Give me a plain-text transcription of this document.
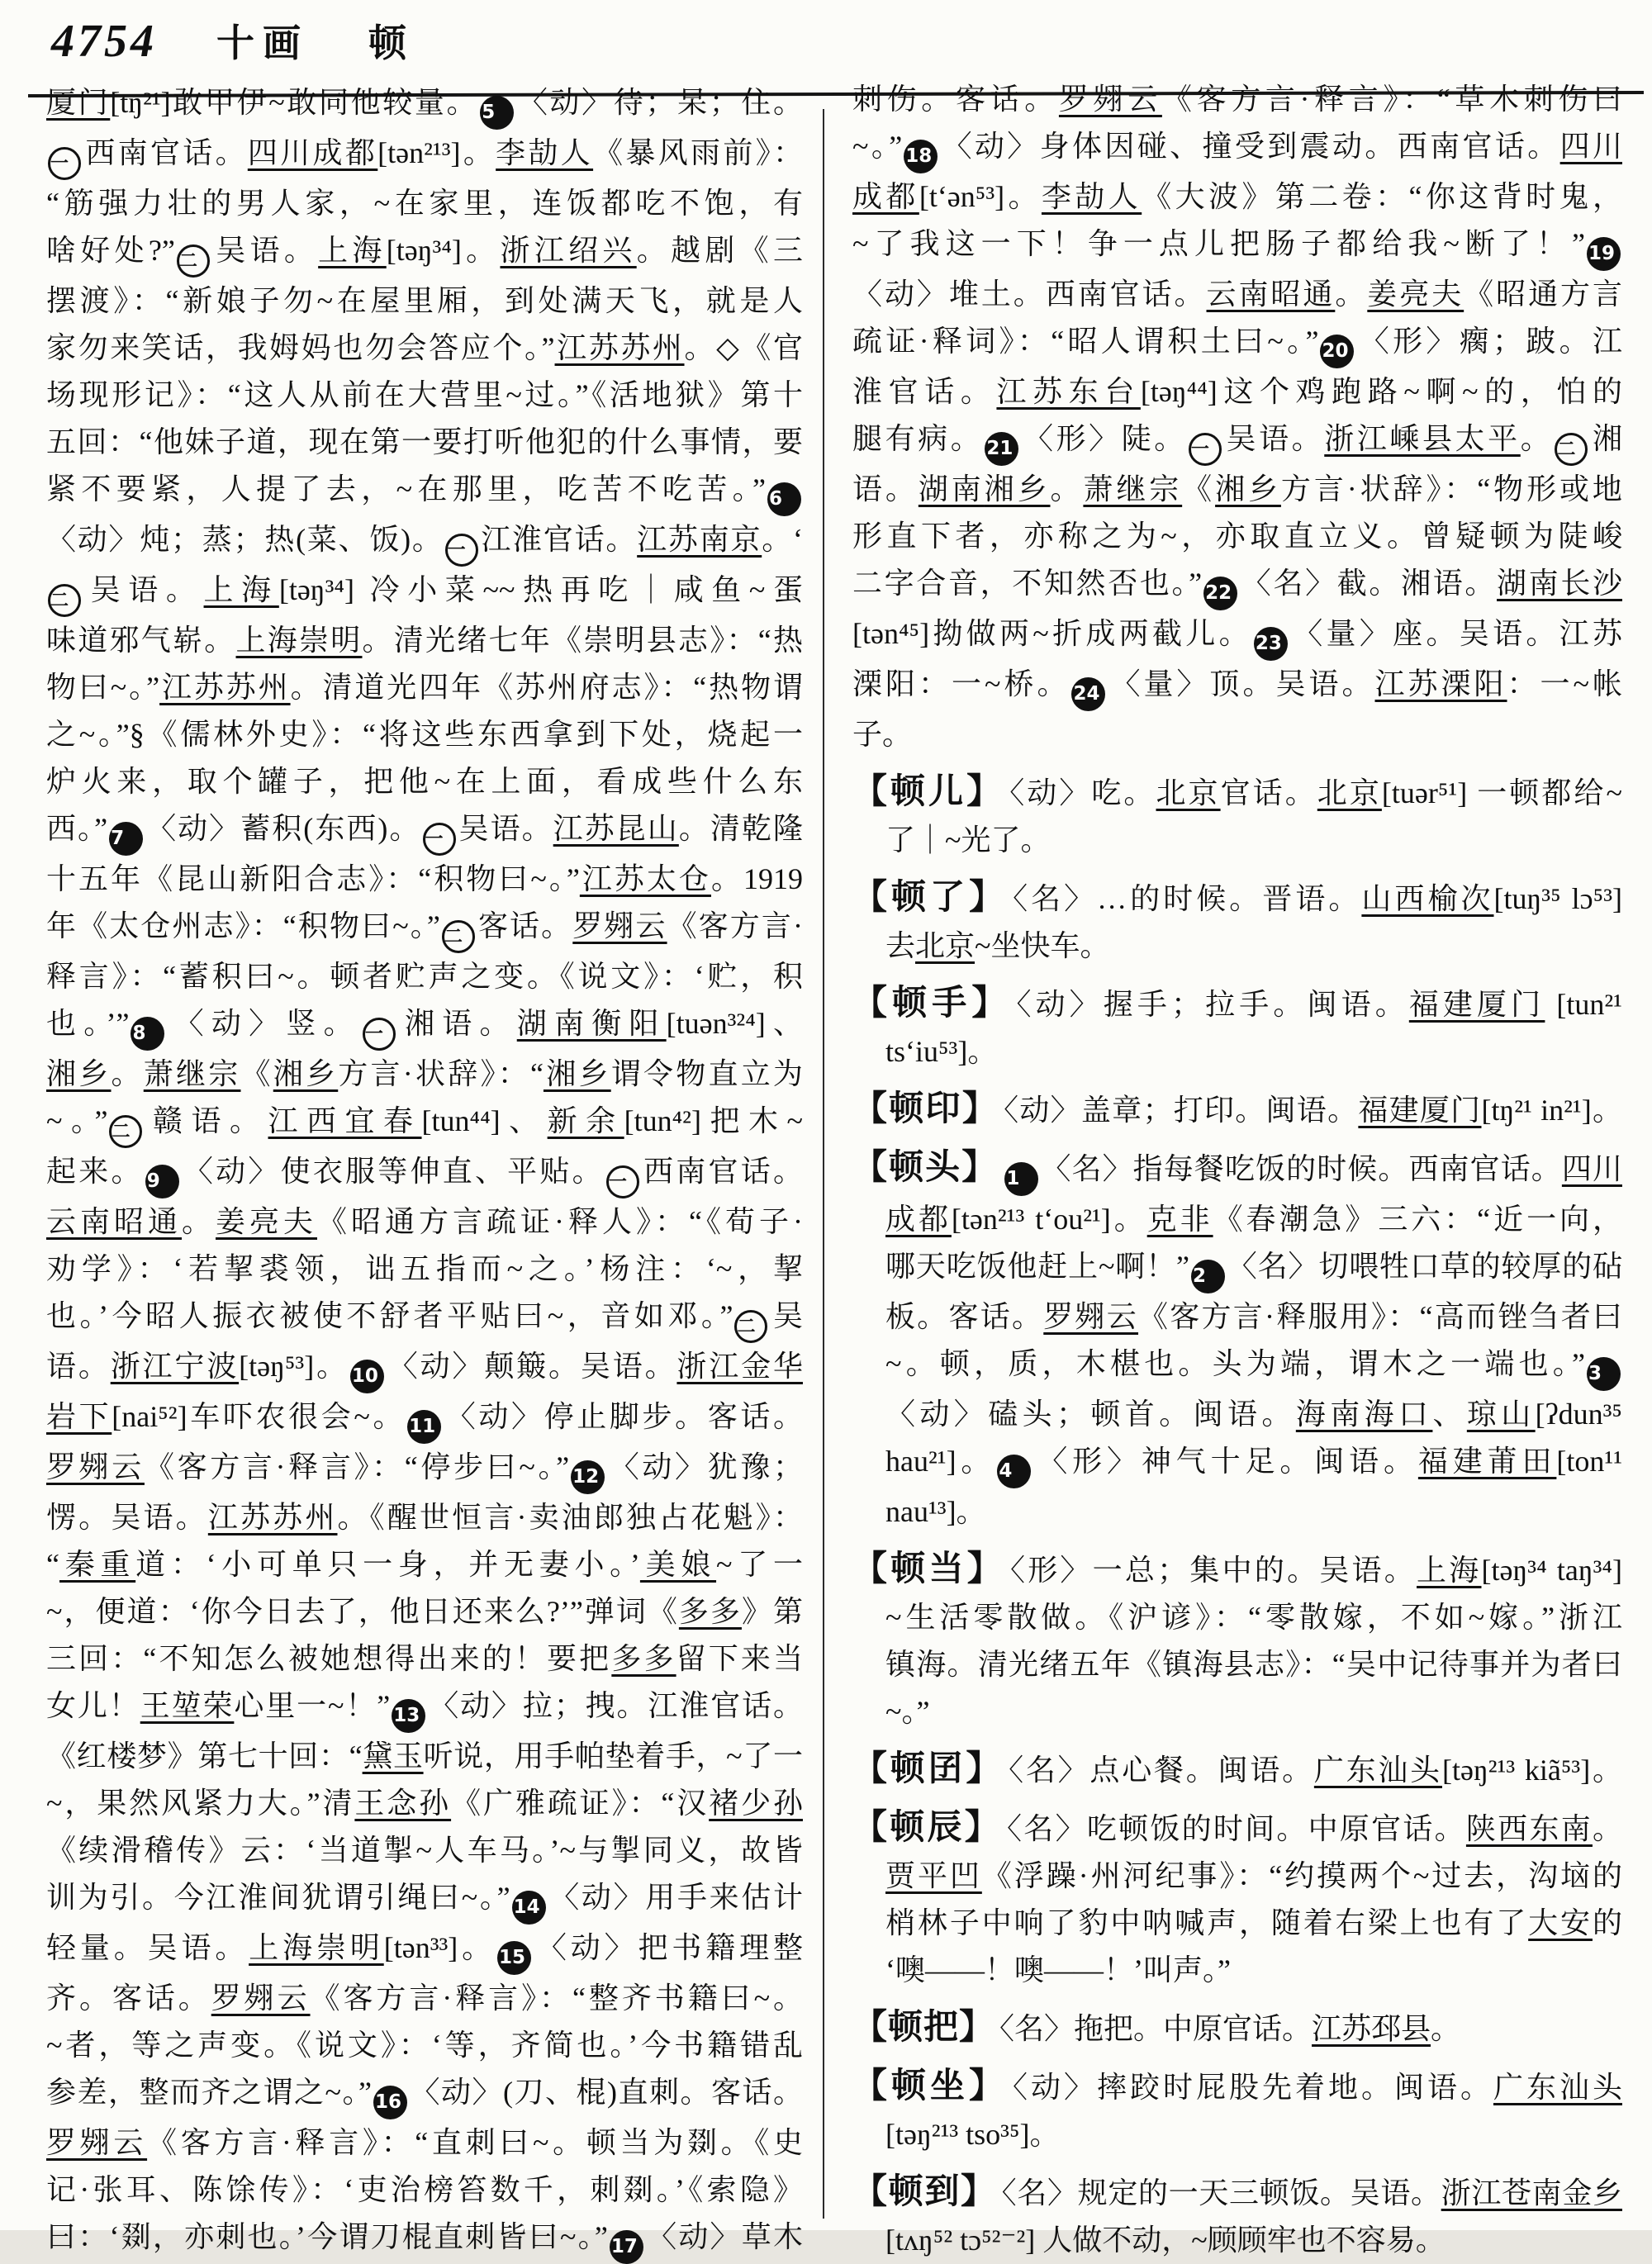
4754 十画 顿
厦门[tŋ²¹]敢甲伊~敢同他较量。 5 〈动〉待；呆；住。
一 西南官话。四川成都[tən²¹³]。李劼人《暴风雨前》：
“筋强力壮的男人家，~在家里，连饭都吃不饱，有
啥好处?” 二 吴语。上海[təŋ³⁴]。浙江绍兴。越剧《三
摆渡》：“新娘子勿~在屋里厢，到处满天飞，就是人
家勿来笑话，我姆妈也勿会答应个。”江苏苏州。◇《官
场现形记》：“这人从前在大营里~过。”《活地狱》第十
五回：“他妹子道，现在第一要打听他犯的什么事情，要
紧不要紧，人提了去，~在那里，吃苦不吃苦。” 6
〈动〉炖；蒸；热(菜、饭)。 一 江淮官话。江苏南京。‘
二 吴语。上海[təŋ³⁴] 冷小菜~~热再吃｜咸鱼~蛋
味道邪气崭。上海崇明。清光绪七年《崇明县志》：“热
物曰~。”江苏苏州。清道光四年《苏州府志》：“热物谓
之~。”§《儒林外史》：“将这些东西拿到下处，烧起一
炉火来，取个罐子，把他~在上面，看成些什么东
西。” 7 〈动〉蓄积(东西)。 一 吴语。江苏昆山。清乾隆
十五年《昆山新阳合志》：“积物曰~。”江苏太仓。1919
年《太仓州志》：“积物曰~。” 二 客话。罗翙云《客方言·
释言》：“蓄积曰~。顿者贮声之变。《说文》：‘贮，积
也。’” 8 〈动〉竖。 一 湘语。湖南衡阳[tuən³²⁴]、
湘乡。萧继宗《湘乡方言·状辞》：“湘乡谓令物直立为
~。” 二 赣语。江西宜春[tun⁴⁴]、新余[tun⁴²]把木~
起来。 9 〈动〉使衣服等伸直、平贴。 一 西南官话。
云南昭通。姜亮夫《昭通方言疏证·释人》：“《荀子·
劝学》：‘若挈裘领，诎五指而~之。’杨注：‘~，挈
也。’今昭人振衣被使不舒者平贴曰~，音如邓。” 二 吴
语。浙江宁波[təŋ⁵³]。 10 〈动〉颠簸。吴语。浙江金华
岩下[nai⁵²]车吓农很会~。 11 〈动〉停止脚步。客话。
罗翙云《客方言·释言》：“停步曰~。” 12 〈动〉犹豫；
愣。吴语。江苏苏州。《醒世恒言·卖油郎独占花魁》：
“秦重道：‘小可单只一身，并无妻小。’美娘~了一
~，便道：‘你今日去了，他日还来么?’”弹词《多多》第
三回：“不知怎么被她想得出来的！要把多多留下来当
女儿！王堃荣心里一~！” 13 〈动〉拉；拽。江淮官话。
《红楼梦》第七十回：“黛玉听说，用手帕垫着手，~了一
~，果然风紧力大。”清王念孙《广雅疏证》：“汉褚少孙
《续滑稽传》云：‘当道掣~人车马。’~与掣同义，故皆
训为引。今江淮间犹谓引绳曰~。” 14 〈动〉用手来估计
轻量。吴语。上海崇明[tən³³]。 15 〈动〉把书籍理整
齐。客话。罗翙云《客方言·释言》：“整齐书籍曰~。
~者，等之声变。《说文》：‘等，齐简也。’今书籍错乱
参差，整而齐之谓之~。” 16 〈动〉(刀、棍)直刺。客话。
罗翙云《客方言·释言》：“直刺曰~。顿当为剟。《史
记·张耳、陈馀传》：‘吏治榜笞数千，刺剟。’《索隐》
曰：‘剟，亦刺也。’今谓刀棍直刺皆曰~。” 17 〈动〉草木
刺伤。客话。罗翙云《客方言·释言》：“草木刺伤曰
~。” 18 〈动〉身体因碰、撞受到震动。西南官话。四川
成都[t‘ən⁵³]。李劼人《大波》第二卷：“你这背时鬼，
~了我这一下！争一点儿把肠子都给我~断了！” 19
〈动〉堆土。西南官话。云南昭通。姜亮夫《昭通方言
疏证·释词》：“昭人谓积土曰~。” 20 〈形〉瘸；跛。江
淮官话。江苏东台[təŋ⁴⁴]这个鸡跑路~啊~的，怕的
腿有病。 21 〈形〉陡。 一 吴语。浙江嵊县太平。 二 湘
语。湖南湘乡。萧继宗《湘乡方言·状辞》：“物形或地
形直下者，亦称之为~，亦取直立义。曾疑顿为陡峻
二字合音，不知然否也。” 22 〈名〉截。湘语。湖南长沙
[tən⁴⁵]拗做两~折成两截儿。 23 〈量〉座。吴语。江苏
溧阳：一~桥。 24 〈量〉顶。吴语。江苏溧阳：一~帐
子。
【顿儿】 〈动〉吃。北京官话。北京[tuər⁵¹] 一顿都给~
了｜~光了。
【顿了】 〈名〉…的时候。晋语。山西榆次[tuŋ³⁵ lɔ⁵³]
去北京~坐快车。
【顿手】 〈动〉握手；拉手。闽语。福建厦门 [tun²¹
ts‘iu⁵³]。
【顿印】 〈动〉盖章；打印。闽语。福建厦门[tŋ²¹ in²¹]。
【顿头】 1 〈名〉指每餐吃饭的时候。西南官话。四川
成都[tən²¹³ t‘ou²¹]。克非《春潮急》三六：“近一向，
哪天吃饭他赶上~啊！” 2 〈名〉切喂牲口草的较厚的砧
板。客话。罗翙云《客方言·释服用》：“高而锉刍者曰
~。顿，质，木椹也。头为端，谓木之一端也。” 3
〈动〉磕头；顿首。闽语。海南海口、琼山[ʔdun³⁵
hau²¹]。 4 〈形〉神气十足。闽语。福建莆田[ton¹¹
nau¹³]。
【顿当】 〈形〉一总；集中的。吴语。上海[təŋ³⁴ taŋ³⁴]
~生活零散做。《沪谚》：“零散嫁，不如~嫁。”浙江
镇海。清光绪五年《镇海县志》：“吴中记待事并为者曰
~。”
【顿囝】 〈名〉点心餐。闽语。广东汕头[təŋ²¹³ kiã⁵³]。
【顿辰】 〈名〉吃顿饭的时间。中原官话。陕西东南。
贾平凹《浮躁·州河纪事》：“约摸两个~过去，沟垴的
梢林子中响了豹中呐喊声，随着右梁上也有了大安的
‘噢——！噢——！’叫声。”
【顿把】 〈名〉拖把。中原官话。江苏邳县。
【顿坐】 〈动〉摔跤时屁股先着地。闽语。广东汕头
[təŋ²¹³ tso³⁵]。
【顿到】 〈名〉规定的一天三顿饭。吴语。浙江苍南金乡
[tʌŋ⁵² tɔ⁵²⁻²] 人做不动，~顾顾牢也不容易。
